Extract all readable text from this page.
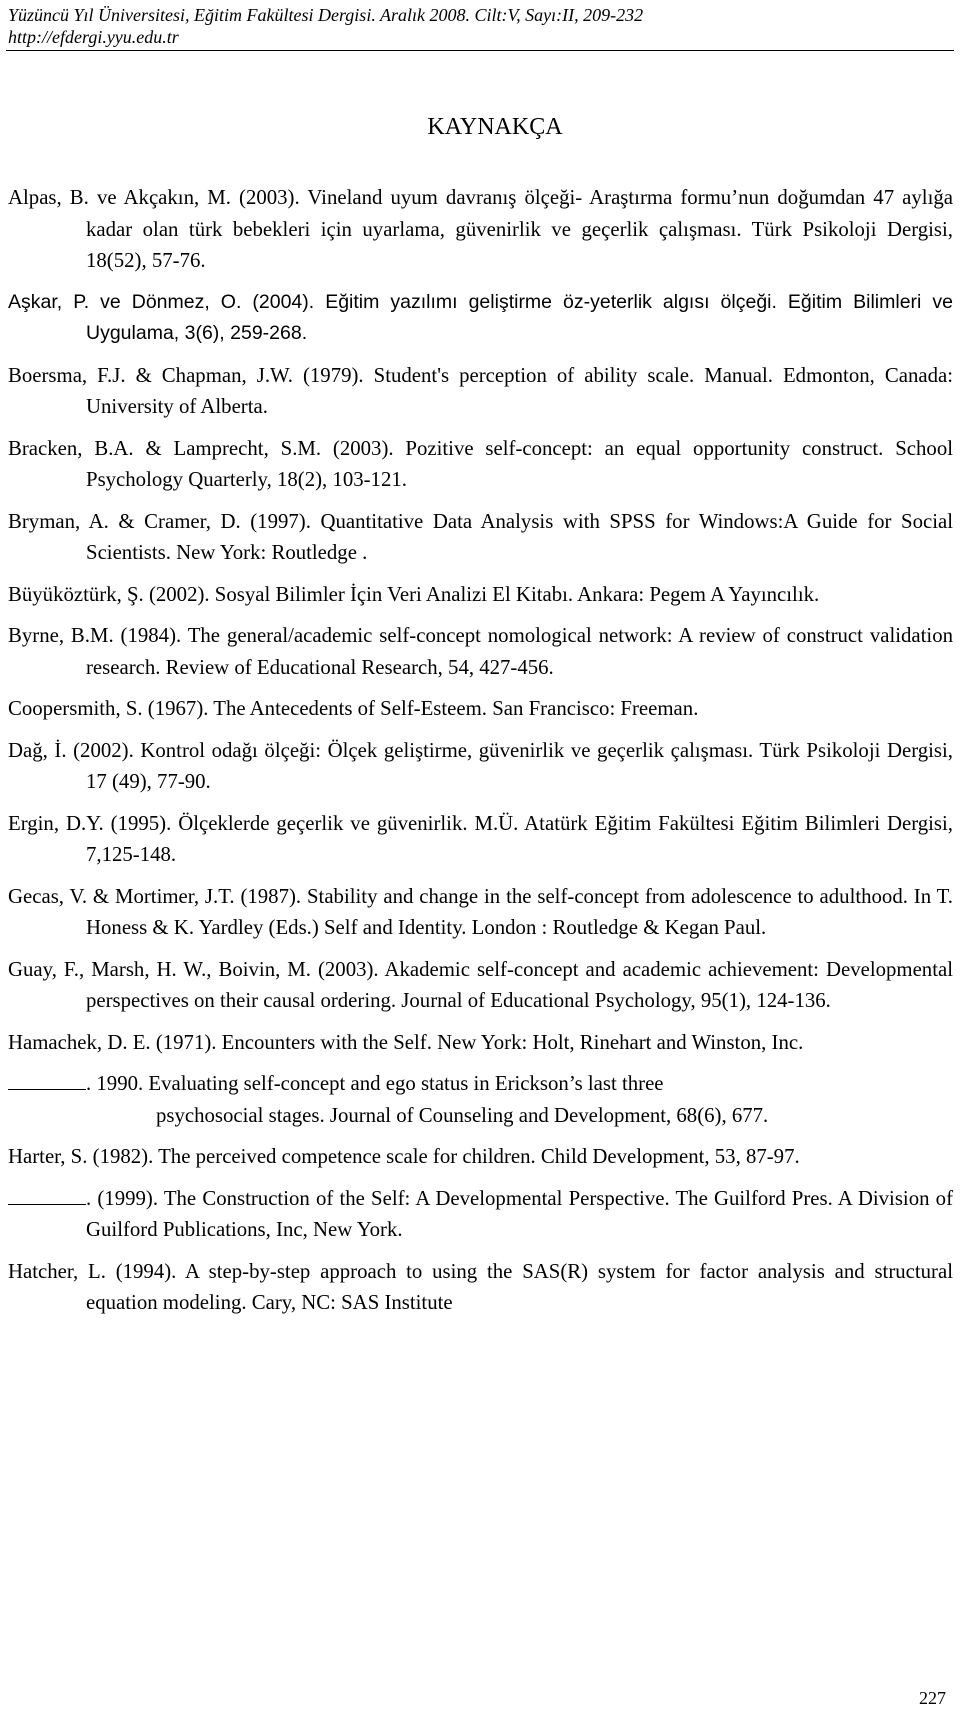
Yüzüncü Yıl Üniversitesi, Eğitim Fakültesi Dergisi. Aralık 2008. Cilt:V, Sayı:II, 209-232
http://efdergi.yyu.edu.tr
KAYNAKÇA

Alpas, B. ve Akçakın, M. (2003). Vineland uyum davranış ölçeği- Araştırma formu’nun doğumdan 47 aylığa kadar olan türk bebekleri için uyarlama, güvenirlik ve geçerlik çalışması. Türk Psikoloji Dergisi, 18(52), 57-76.

Aşkar, P. ve Dönmez, O. (2004). Eğitim yazılımı geliştirme öz-yeterlik algısı ölçeği. Eğitim Bilimleri ve Uygulama, 3(6), 259-268.

Boersma, F.J. & Chapman, J.W. (1979). Student's perception of ability scale. Manual. Edmonton, Canada: University of Alberta.

Bracken, B.A. & Lamprecht, S.M. (2003). Pozitive self-concept: an equal opportunity construct. School Psychology Quarterly, 18(2), 103-121.

Bryman, A. & Cramer, D. (1997). Quantitative Data Analysis with SPSS for Windows:A Guide for Social Scientists. New York: Routledge .

Büyüköztürk, Ş. (2002). Sosyal Bilimler İçin Veri Analizi El Kitabı. Ankara: Pegem A Yayıncılık.

Byrne, B.M. (1984). The general/academic self-concept nomological network: A review of construct validation research. Review of Educational Research, 54, 427-456.

Coopersmith, S. (1967). The Antecedents of Self-Esteem. San Francisco: Freeman.

Dağ, İ. (2002). Kontrol odağı ölçeği: Ölçek geliştirme, güvenirlik ve geçerlik çalışması. Türk Psikoloji Dergisi, 17 (49), 77-90.

Ergin, D.Y. (1995). Ölçeklerde geçerlik ve güvenirlik. M.Ü. Atatürk Eğitim Fakültesi Eğitim Bilimleri Dergisi, 7,125-148.

Gecas, V. & Mortimer, J.T. (1987). Stability and change in the self-concept from adolescence to adulthood. In T. Honess & K. Yardley (Eds.) Self and Identity. London : Routledge & Kegan Paul.

Guay, F., Marsh, H. W., Boivin, M. (2003). Akademic self-concept and academic achievement: Developmental perspectives on their causal ordering. Journal of Educational Psychology, 95(1), 124-136.

Hamachek, D. E. (1971). Encounters with the Self. New York: Holt, Rinehart and Winston, Inc.

. 1990. Evaluating self-concept and ego status in Erickson’s last three
psychosocial stages. Journal of Counseling and Development, 68(6), 677.

Harter, S. (1982). The perceived competence scale for children. Child Development, 53, 87-97.

. (1999). The Construction of the Self: A Developmental Perspective. The Guilford Pres. A Division of Guilford Publications, Inc, New York.

Hatcher, L. (1994). A step-by-step approach to using the SAS(R) system for factor analysis and structural equation modeling. Cary, NC: SAS Institute

227
